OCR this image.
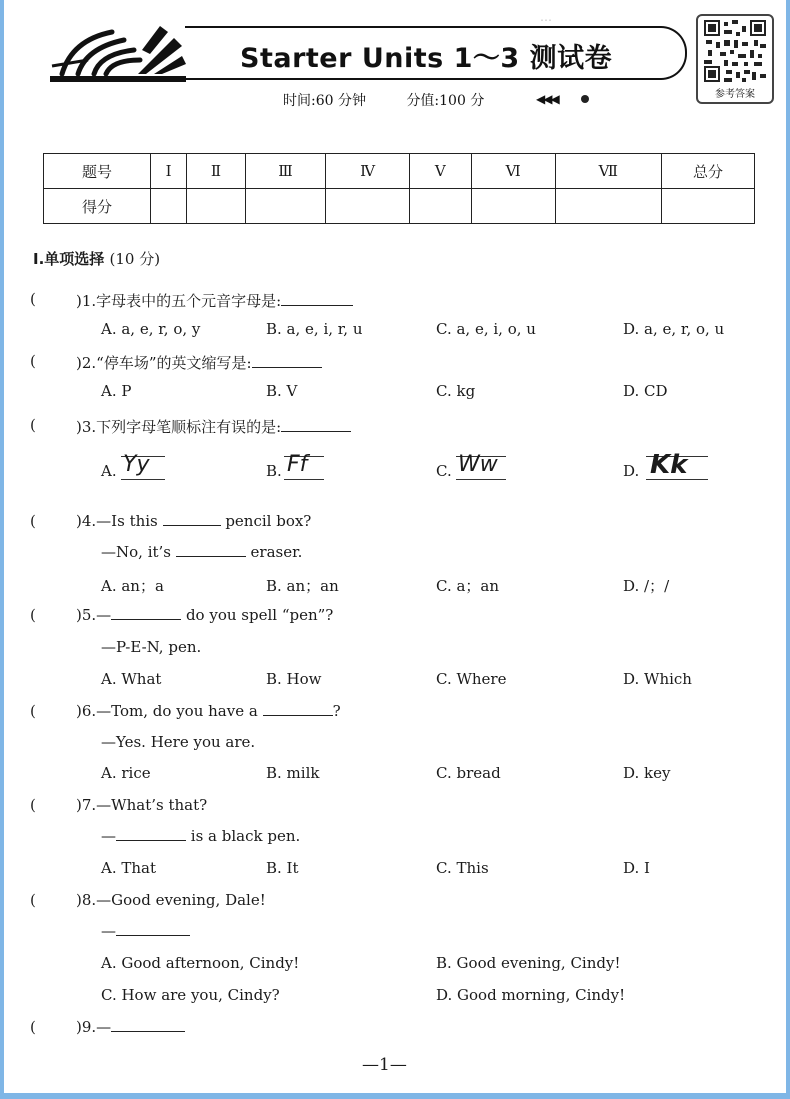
…
Starter Units 1～3 测试卷
时间:60 分钟	分值:100 分	◀◀◀	参考答案
题号	Ⅰ	Ⅱ	Ⅲ	Ⅳ	Ⅴ	Ⅵ	Ⅶ	总分
得分								
Ⅰ.单项选择 (10 分)
(	)1.字母表中的五个元音字母是:
A. a, e, r, o, y	B. a, e, i, r, u	C. a, e, i, o, u	D. a, e, r, o, u
(	)2.“停车场”的英文缩写是:
A. P	B. V	C. kg	D. CD
(	)3.下列字母笔顺标注有误的是:
A. Yy	B. Ff	C. Ww	D. Kk
(	)4.—Is this	pencil box?
—No, it’s	eraser.
A. an；a	B. an；an	C. a；an	D. /；/
(	)5.—	do you spell “pen”?
—P-E-N, pen.
A. What	B. How	C. Where	D. Which
(	)6.—Tom, do you have a	?
—Yes. Here you are.
A. rice	B. milk	C. bread	D. key
(	)7.—What’s that?
—	is a black pen.
A. That	B. It	C. This	D. I
(	)8.—Good evening, Dale!
—
A. Good afternoon, Cindy!	B. Good evening, Cindy!
C. How are you, Cindy?	D. Good morning, Cindy!
(	)9.—
—1—
